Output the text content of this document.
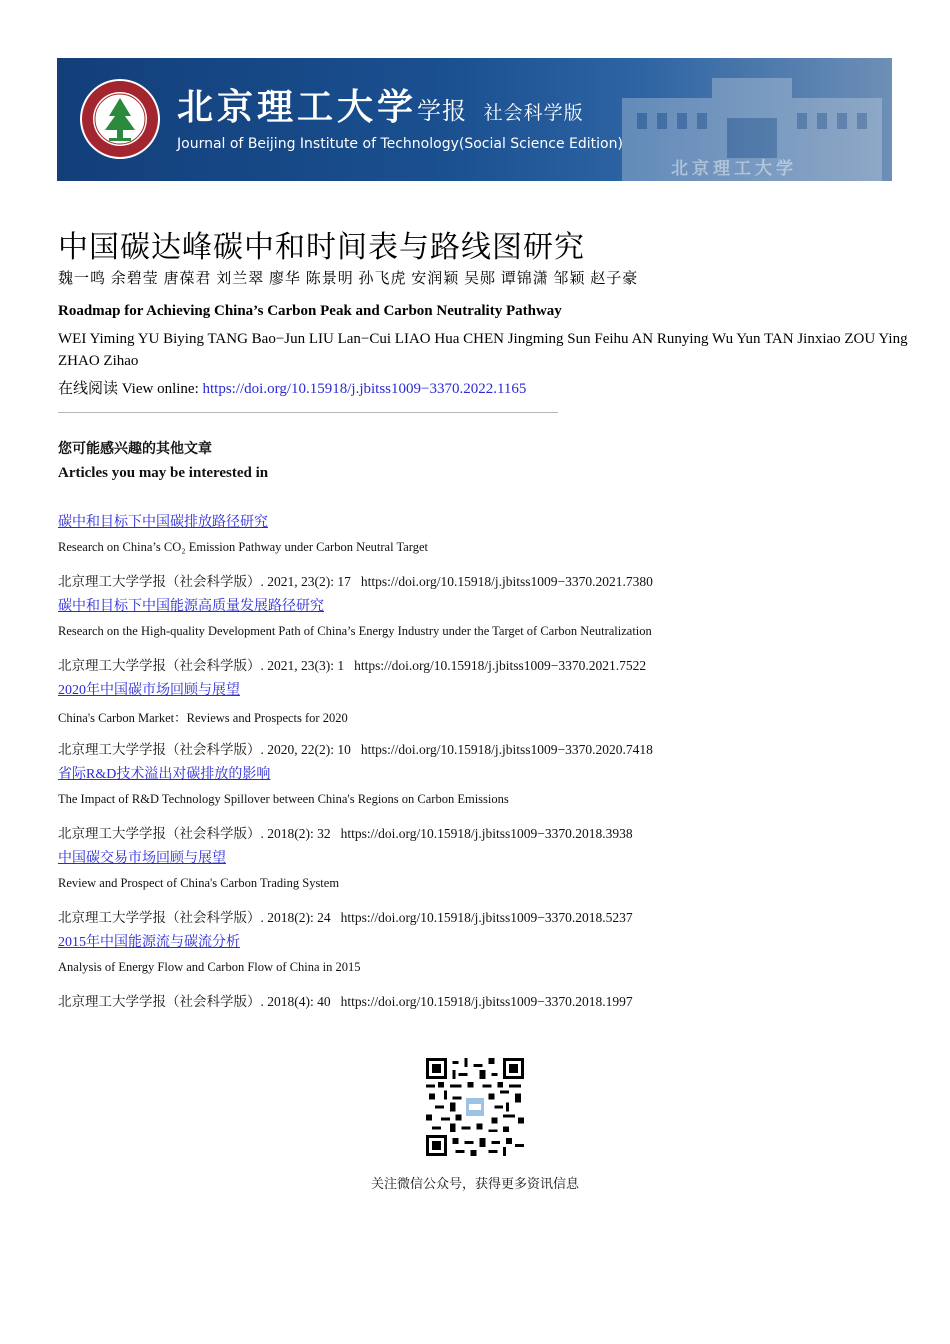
北京理工大学学报 社会科学版
Journal of Beijing Institute of Technology(Social Science Edition)
北京理工大学
中国碳达峰碳中和时间表与路线图研究
魏一鸣 余碧莹 唐葆君 刘兰翠 廖华 陈景明 孙飞虎 安润颖 吴郧 谭锦潇 邹颖 赵子豪
Roadmap for Achieving China’s Carbon Peak and Carbon Neutrality Pathway
WEI Yiming YU Biying TANG Bao−Jun LIU Lan−Cui LIAO Hua CHEN Jingming Sun Feihu AN Runying Wu Yun TAN Jinxiao ZOU Ying ZHAO Zihao
在线阅读 View online: https://doi.org/10.15918/j.jbitss1009−3370.2022.1165
您可能感兴趣的其他文章
Articles you may be interested in
碳中和目标下中国碳排放路径研究
Research on China’s CO₂ Emission Pathway under Carbon Neutral Target
北京理工大学学报（社会科学版）. 2021, 23(2): 17 https://doi.org/10.15918/j.jbitss1009−3370.2021.7380
碳中和目标下中国能源高质量发展路径研究
Research on the High-quality Development Path of China’s Energy Industry under the Target of Carbon Neutralization
北京理工大学学报（社会科学版）. 2021, 23(3): 1 https://doi.org/10.15918/j.jbitss1009−3370.2021.7522
2020年中国碳市场回顾与展望
China's Carbon Market：Reviews and Prospects for 2020
北京理工大学学报（社会科学版）. 2020, 22(2): 10 https://doi.org/10.15918/j.jbitss1009−3370.2020.7418
省际R&D技术溢出对碳排放的影响
The Impact of R&D Technology Spillover between China's Regions on Carbon Emissions
北京理工大学学报（社会科学版）. 2018(2): 32 https://doi.org/10.15918/j.jbitss1009−3370.2018.3938
中国碳交易市场回顾与展望
Review and Prospect of China's Carbon Trading System
北京理工大学学报（社会科学版）. 2018(2): 24 https://doi.org/10.15918/j.jbitss1009−3370.2018.5237
2015年中国能源流与碳流分析
Analysis of Energy Flow and Carbon Flow of China in 2015
北京理工大学学报（社会科学版）. 2018(4): 40 https://doi.org/10.15918/j.jbitss1009−3370.2018.1997
关注微信公众号，获得更多资讯信息
